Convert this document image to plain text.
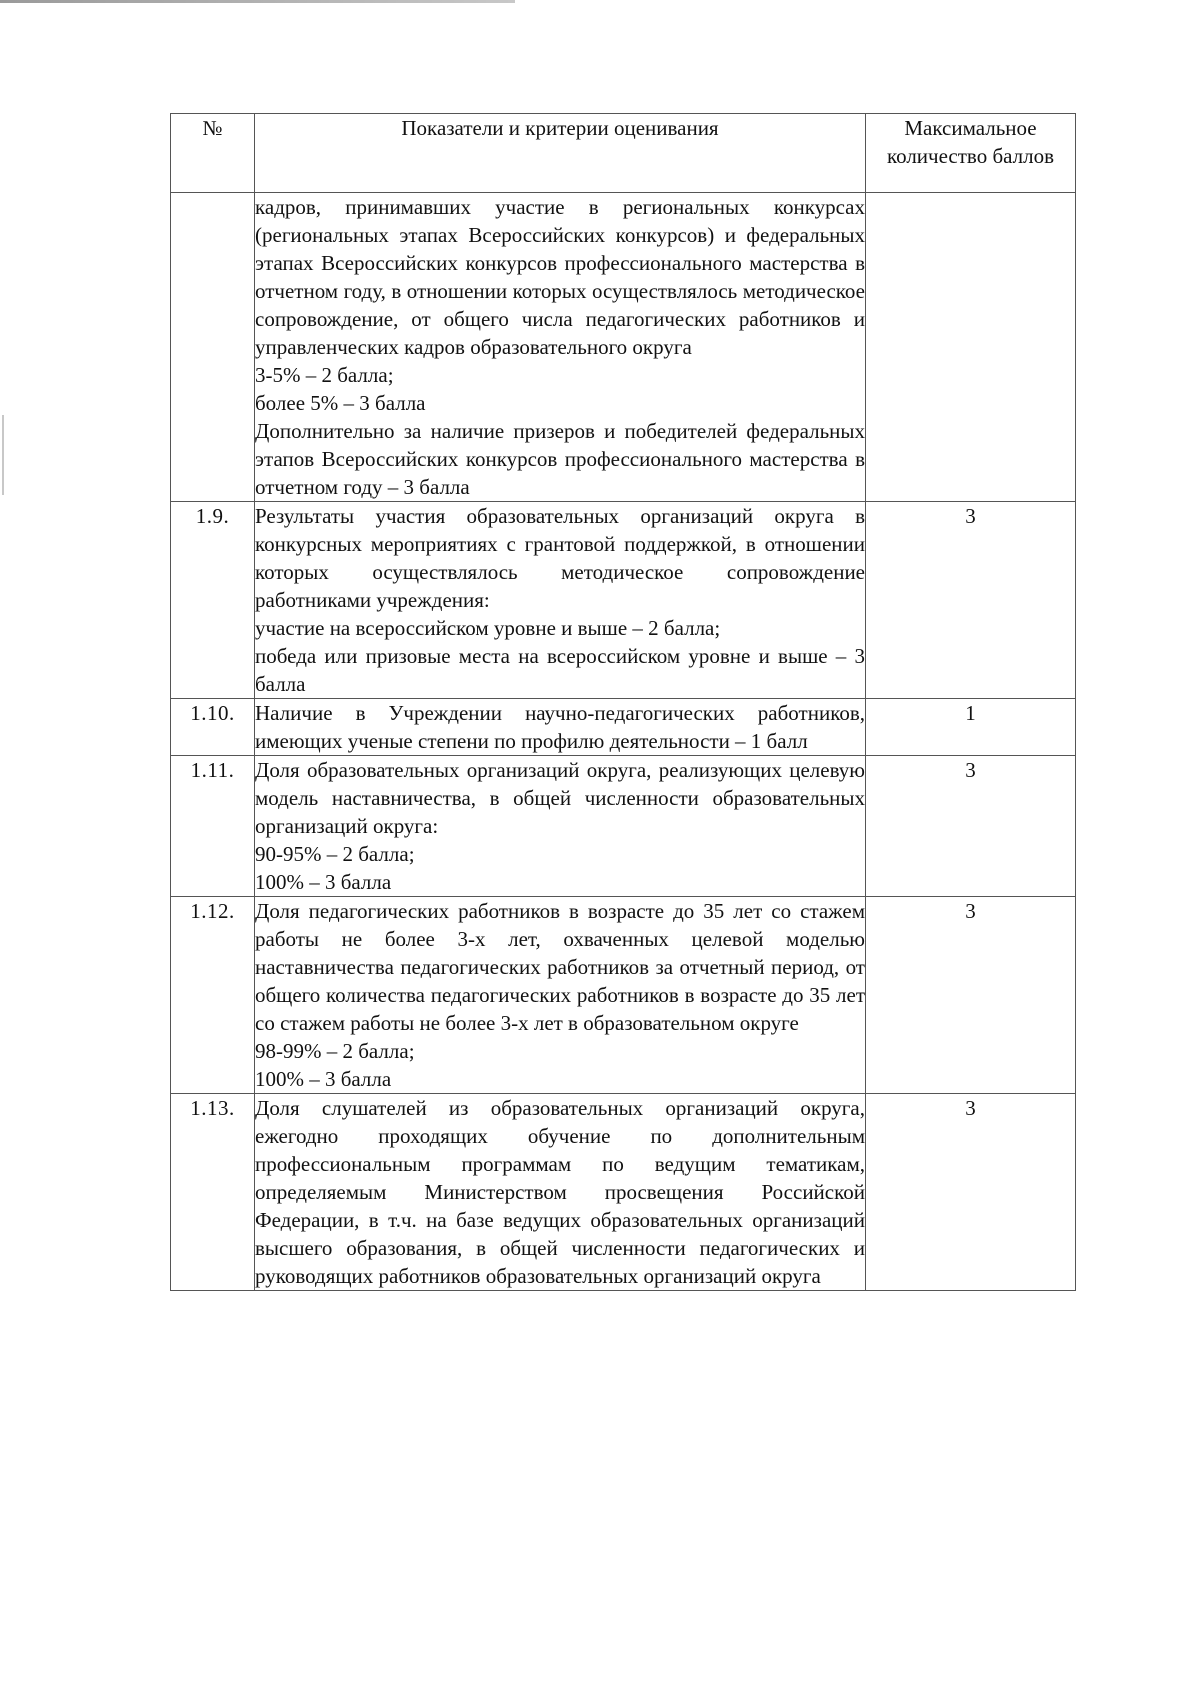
№	Показатели и критерии оценивания	Максимальное
количество баллов

	кадров, принимавших участие в региональных конкурсах (региональных этапах Всероссийских конкурсов) и федеральных этапах Всероссийских конкурсов профессионального мастерства в отчетном году, в отношении которых осуществлялось методическое сопровождение, от общего числа педагогических работников и управленческих кадров образовательного округа
3-5% – 2 балла;
более 5% – 3 балла
Дополнительно за наличие призеров и победителей федеральных этапов Всероссийских конкурсов профессионального мастерства в отчетном году – 3 балла	

1.9.	Результаты участия образовательных организаций округа в конкурсных мероприятиях с грантовой поддержкой, в отношении которых осуществлялось методическое сопровождение работниками учреждения:
участие на всероссийском уровне и выше – 2 балла;
победа или призовые места на всероссийском уровне и выше – 3 балла	3
1.10.	Наличие в Учреждении научно-педагогических работников, имеющих ученые степени по профилю деятельности – 1 балл	1
1.11.	Доля образовательных организаций округа, реализующих целевую модель наставничества, в общей численности образовательных организаций округа:
90-95% – 2 балла;
100% – 3 балла	3
1.12.	Доля педагогических работников в возрасте до 35 лет со стажем работы не более 3-х лет, охваченных целевой моделью наставничества педагогических работников за отчетный период, от общего количества педагогических работников в возрасте до 35 лет со стажем работы не более 3-х лет в образовательном округе
98-99% – 2 балла;
100% – 3 балла	3
1.13.	Доля слушателей из образовательных организаций округа, ежегодно проходящих обучение по дополнительным профессиональным программам по ведущим тематикам, определяемым Министерством просвещения Российской Федерации, в т.ч. на базе ведущих образовательных организаций высшего образования, в общей численности педагогических и руководящих работников образовательных организаций округа	3
